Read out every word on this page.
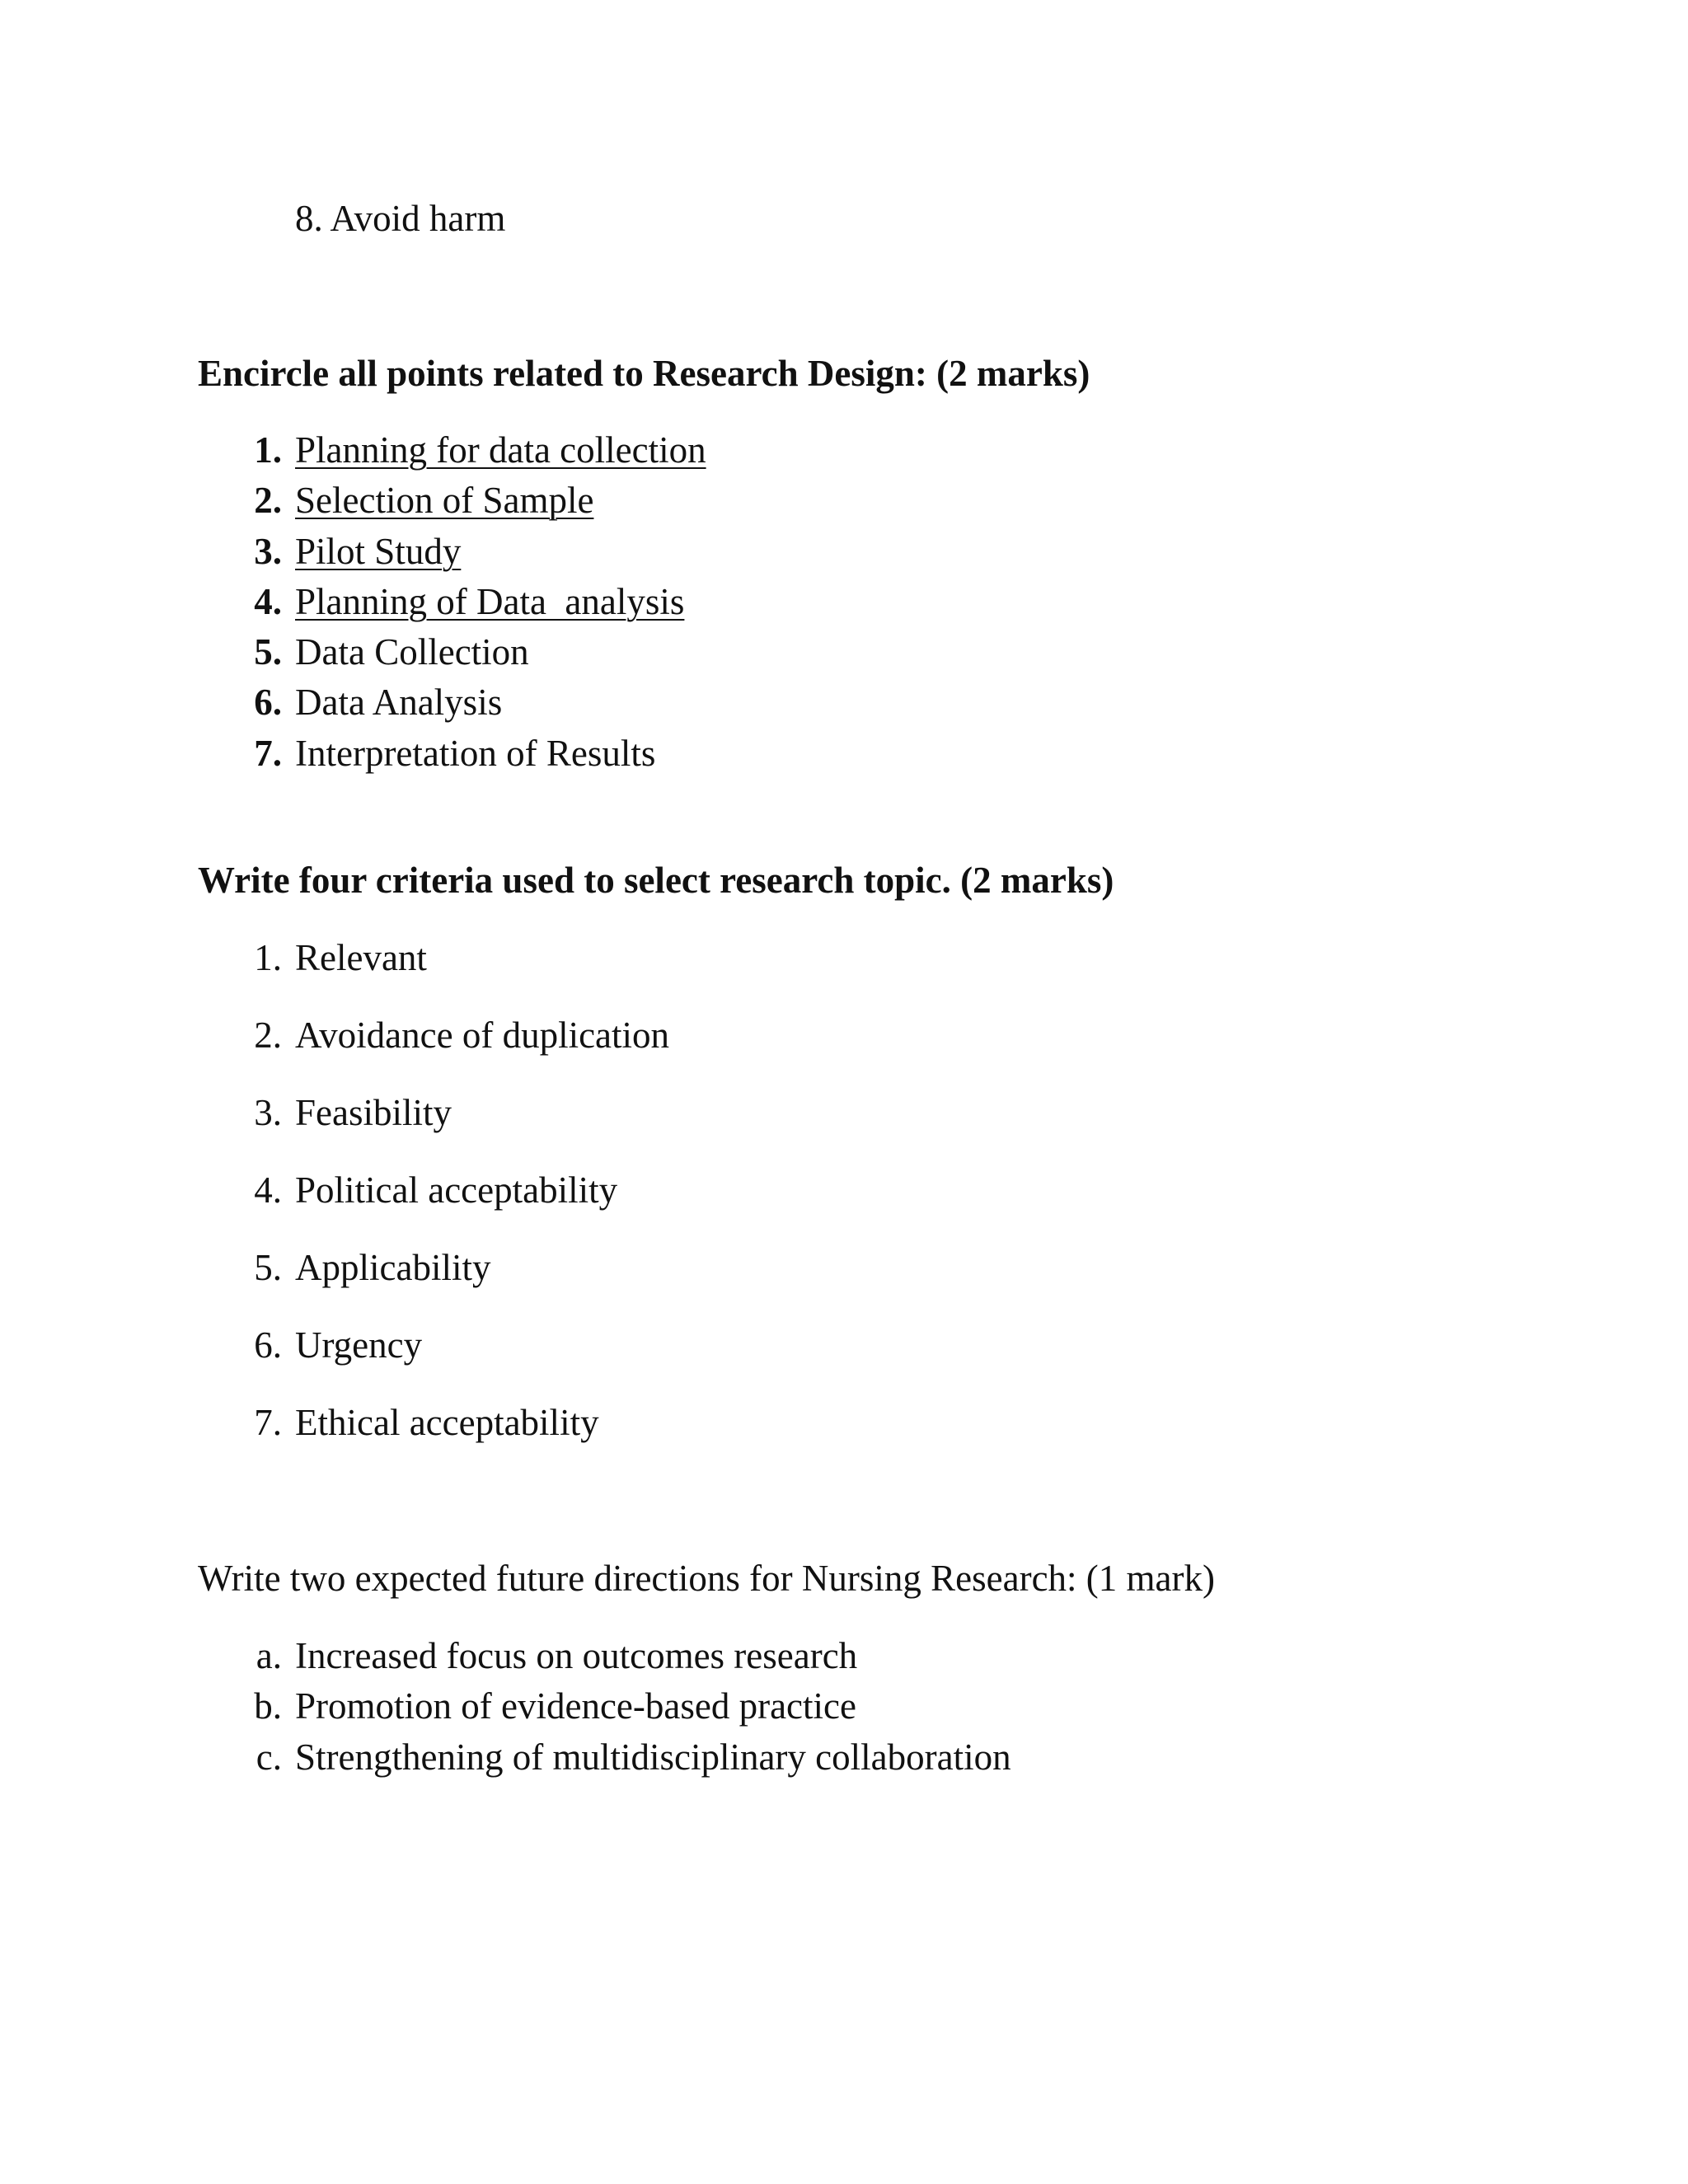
8. Avoid harm
Encircle all points related to Research Design: (2 marks)
1. Planning for data collection
2. Selection of Sample
3. Pilot Study
4. Planning of Data  analysis
5. Data Collection
6. Data Analysis
7. Interpretation of Results
Write four criteria used to select research topic. (2 marks)
1. Relevant
2. Avoidance of duplication
3. Feasibility
4. Political acceptability
5. Applicability
6. Urgency
7. Ethical acceptability
Write two expected future directions for Nursing Research: (1 mark)
a. Increased focus on outcomes research
b. Promotion of evidence-based practice
c. Strengthening of multidisciplinary collaboration
